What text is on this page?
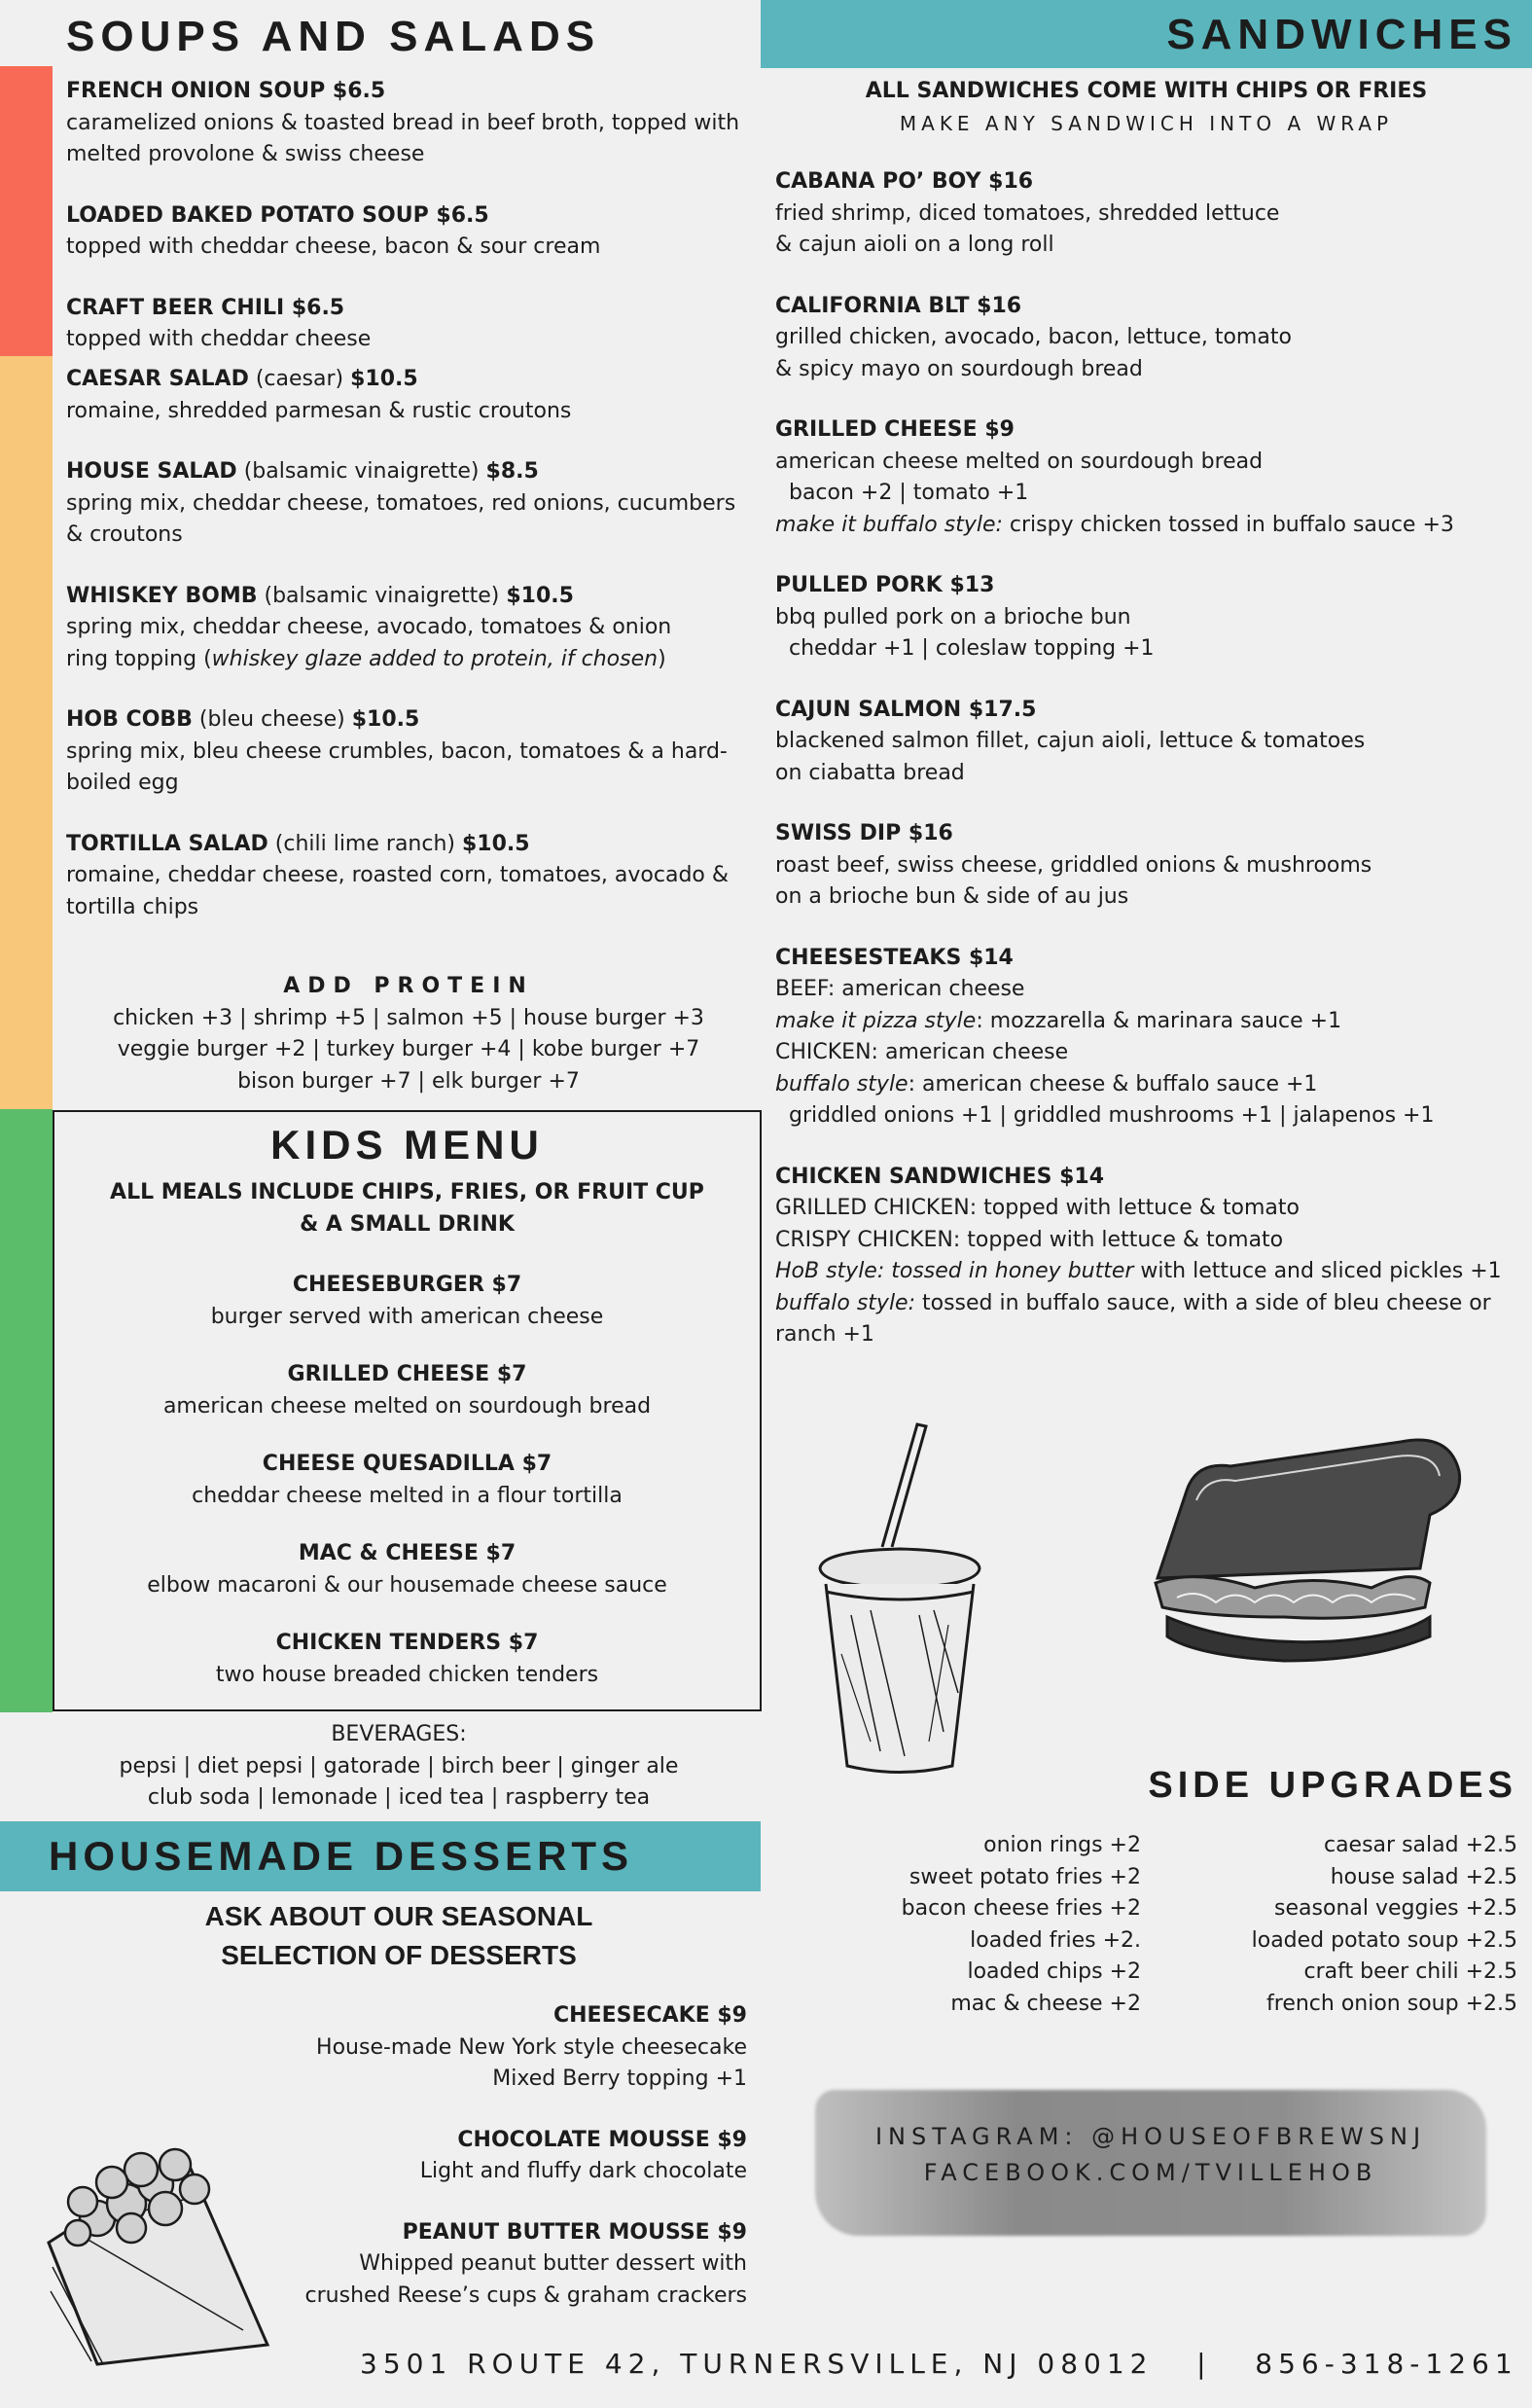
SOUPS AND SALADS
FRENCH ONION SOUP $6.5
caramelized onions & toasted bread in beef broth, topped with melted provolone & swiss cheese
LOADED BAKED POTATO SOUP $6.5
topped with cheddar cheese, bacon & sour cream
CRAFT BEER CHILI $6.5
topped with cheddar cheese
CAESAR SALAD (caesar) $10.5
romaine, shredded parmesan & rustic croutons
HOUSE SALAD (balsamic vinaigrette) $8.5
spring mix, cheddar cheese, tomatoes, red onions, cucumbers & croutons
WHISKEY BOMB (balsamic vinaigrette) $10.5
spring mix, cheddar cheese, avocado, tomatoes & onion ring topping (whiskey glaze added to protein, if chosen)
HOB COBB (bleu cheese) $10.5
spring mix, bleu cheese crumbles, bacon, tomatoes & a hard-boiled egg
TORTILLA SALAD (chili lime ranch) $10.5
romaine, cheddar cheese, roasted corn, tomatoes, avocado & tortilla chips
ADD PROTEIN
chicken +3 | shrimp +5 | salmon +5 | house burger +3
veggie burger +2 | turkey burger +4 | kobe burger +7
bison burger +7 | elk burger +7
KIDS MENU
ALL MEALS INCLUDE CHIPS, FRIES, OR FRUIT CUP
& A SMALL DRINK
CHEESEBURGER $7
burger served with american cheese
GRILLED CHEESE $7
american cheese melted on sourdough bread
CHEESE QUESADILLA $7
cheddar cheese melted in a flour tortilla
MAC & CHEESE $7
elbow macaroni & our housemade cheese sauce
CHICKEN TENDERS $7
two house breaded chicken tenders
BEVERAGES:
pepsi | diet pepsi | gatorade | birch beer | ginger ale
club soda | lemonade | iced tea | raspberry tea
HOUSEMADE DESSERTS
ASK ABOUT OUR SEASONAL
SELECTION OF DESSERTS
CHEESECAKE $9
House-made New York style cheesecake
Mixed Berry topping +1
CHOCOLATE MOUSSE $9
Light and fluffy dark chocolate
PEANUT BUTTER MOUSSE $9
Whipped peanut butter dessert with
crushed Reese’s cups & graham crackers
SANDWICHES
ALL SANDWICHES COME WITH CHIPS OR FRIES
MAKE ANY SANDWICH INTO A WRAP
CABANA PO’ BOY $16
fried shrimp, diced tomatoes, shredded lettuce
& cajun aioli on a long roll
CALIFORNIA BLT $16
grilled chicken, avocado, bacon, lettuce, tomato
& spicy mayo on sourdough bread
GRILLED CHEESE $9
american cheese melted on sourdough bread
bacon +2 | tomato +1
make it buffalo style: crispy chicken tossed in buffalo sauce +3
PULLED PORK $13
bbq pulled pork on a brioche bun
cheddar +1 | coleslaw topping +1
CAJUN SALMON $17.5
blackened salmon fillet, cajun aioli, lettuce & tomatoes
on ciabatta bread
SWISS DIP $16
roast beef, swiss cheese, griddled onions & mushrooms
on a brioche bun & side of au jus
CHEESESTEAKS $14
BEEF: american cheese
make it pizza style: mozzarella & marinara sauce +1
CHICKEN: american cheese
buffalo style: american cheese & buffalo sauce +1
griddled onions +1 | griddled mushrooms +1 | jalapenos +1
CHICKEN SANDWICHES $14
GRILLED CHICKEN: topped with lettuce & tomato
CRISPY CHICKEN: topped with lettuce & tomato
HoB style: tossed in honey butter with lettuce and sliced pickles +1
buffalo style: tossed in buffalo sauce, with a side of bleu cheese or
ranch +1
SIDE UPGRADES
onion rings +2
sweet potato fries +2
bacon cheese fries +2
loaded fries +2.
loaded chips +2
mac & cheese +2
caesar salad +2.5
house salad +2.5
seasonal veggies +2.5
loaded potato soup +2.5
craft beer chili +2.5
french onion soup +2.5
INSTAGRAM: @HOUSEOFBREWSNJ
FACEBOOK.COM/TVILLEHOB
3501 ROUTE 42, TURNERSVILLE, NJ 08012   |   856-318-1261
